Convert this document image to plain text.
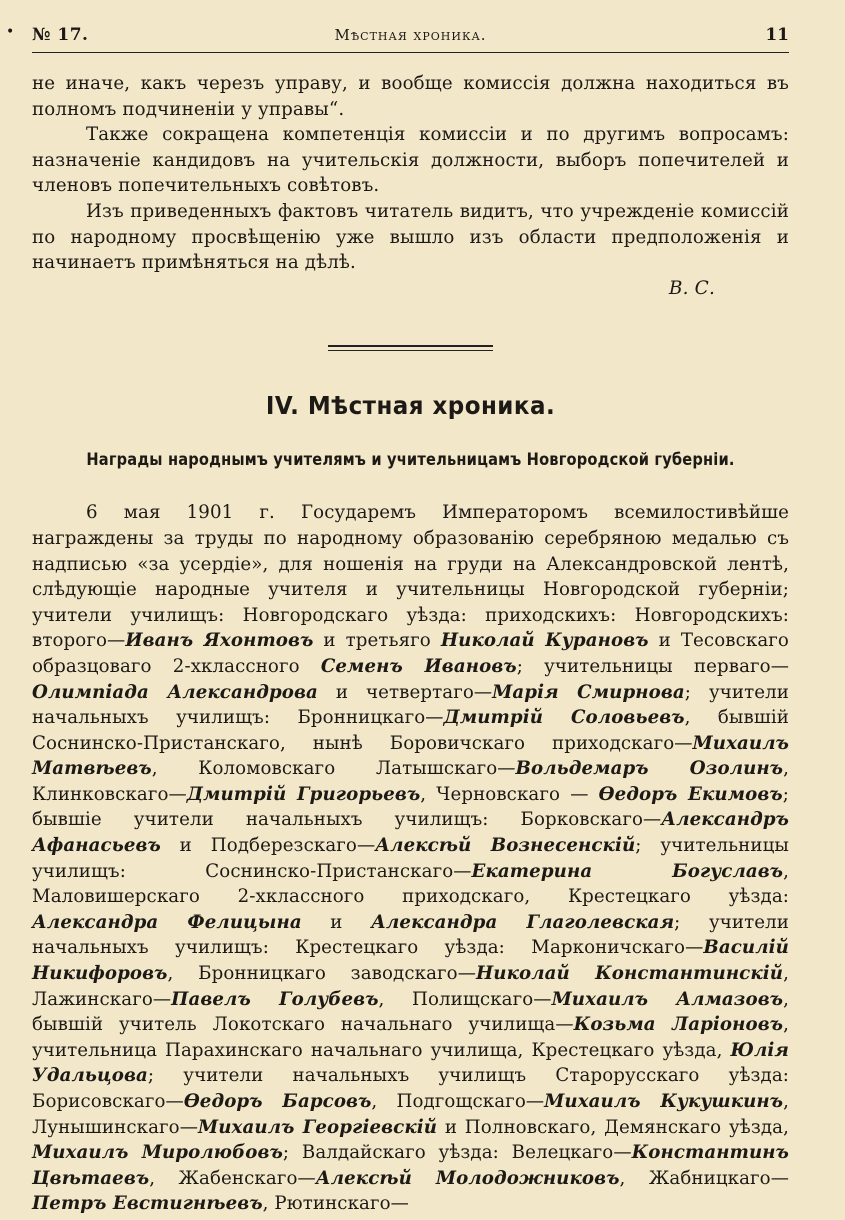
• № 17.	Мѣстная хроника.	11
не иначе, какъ черезъ управу, и вообще комиссія должна находиться въ полномъ подчиненіи у управы“.
Также сокращена компетенція комиссіи и по другимъ вопросамъ: назначеніе кандидовъ на учительскія должности, выборъ попечителей и членовъ попечительныхъ совѣтовъ.
Изъ приведенныхъ фактовъ читатель видитъ, что учрежденіе комиссій по народному просвѣщенію уже вышло изъ области предположенія и начинаетъ примѣняться на дѣлѣ.
В. С.
IV. Мѣстная хроника.
Награды народнымъ учителямъ и учительницамъ Новгородской губерніи.
6 мая 1901 г. Государемъ Императоромъ всемилостивѣйше награждены за труды по народному образованію серебряною медалью съ надписью «за усердіе», для ношенія на груди на Александровской лентѣ, слѣдующіе народные учителя и учительницы Новгородской губерніи; учители училищъ: Новгородскаго уѣзда: приходскихъ: Новгородскихъ: второго—Иванъ Яхонтовъ и третьяго Николай Курановъ и Тесовскаго образцоваго 2-хклассного Семенъ Ивановъ; учительницы перваго—Олимпіада Александрова и четвертаго—Марія Смирнова; учители начальныхъ училищъ: Бронницкаго—Дмитрій Соловьевъ, бывшій Соснинско-Пристанскаго, нынѣ Боровичскаго приходскаго—Михаилъ Матвѣевъ, Коломовскаго Латышскаго—Вольдемаръ Озолинъ, Клинковскаго—Дмитрій Григорьевъ, Черновскаго — Ѳедоръ Екимовъ; бывшіе учители начальныхъ училищъ: Борковскаго—Александръ Афанасьевъ и Подберезскаго—Алексѣй Вознесенскій; учительницы училищъ: Соснинско-Пристанскаго—Екатерина Богуславъ, Маловишерскаго 2-хклассного приходскаго, Крестецкаго уѣзда: Александра Фелицына и Александра Глаголевская; учители начальныхъ училищъ: Крестецкаго уѣзда: Марконичскаго—Василій Никифоровъ, Бронницкаго заводскаго—Николай Константинскій, Лажинскаго—Павелъ Голубевъ, Полищскаго—Михаилъ Алмазовъ, бывшій учитель Локотскаго начальнаго училища—Козьма Ларіоновъ, учительница Парахинскаго начальнаго училища, Крестецкаго уѣзда, Юлія Удальцова; учители начальныхъ училищъ Старорусскаго уѣзда: Борисовскаго—Ѳедоръ Барсовъ, Подгощскаго—Михаилъ Кукушкинъ, Лунышинскаго—Михаилъ Георгіевскій и Полновскаго, Демянскаго уѣзда, Михаилъ Миролюбовъ; Валдайскаго уѣзда: Велецкаго—Константинъ Цвѣтаевъ, Жабенскаго—Алексѣй Молодожниковъ, Жабницкаго—Петръ Евстигнѣевъ, Рютинскаго—
